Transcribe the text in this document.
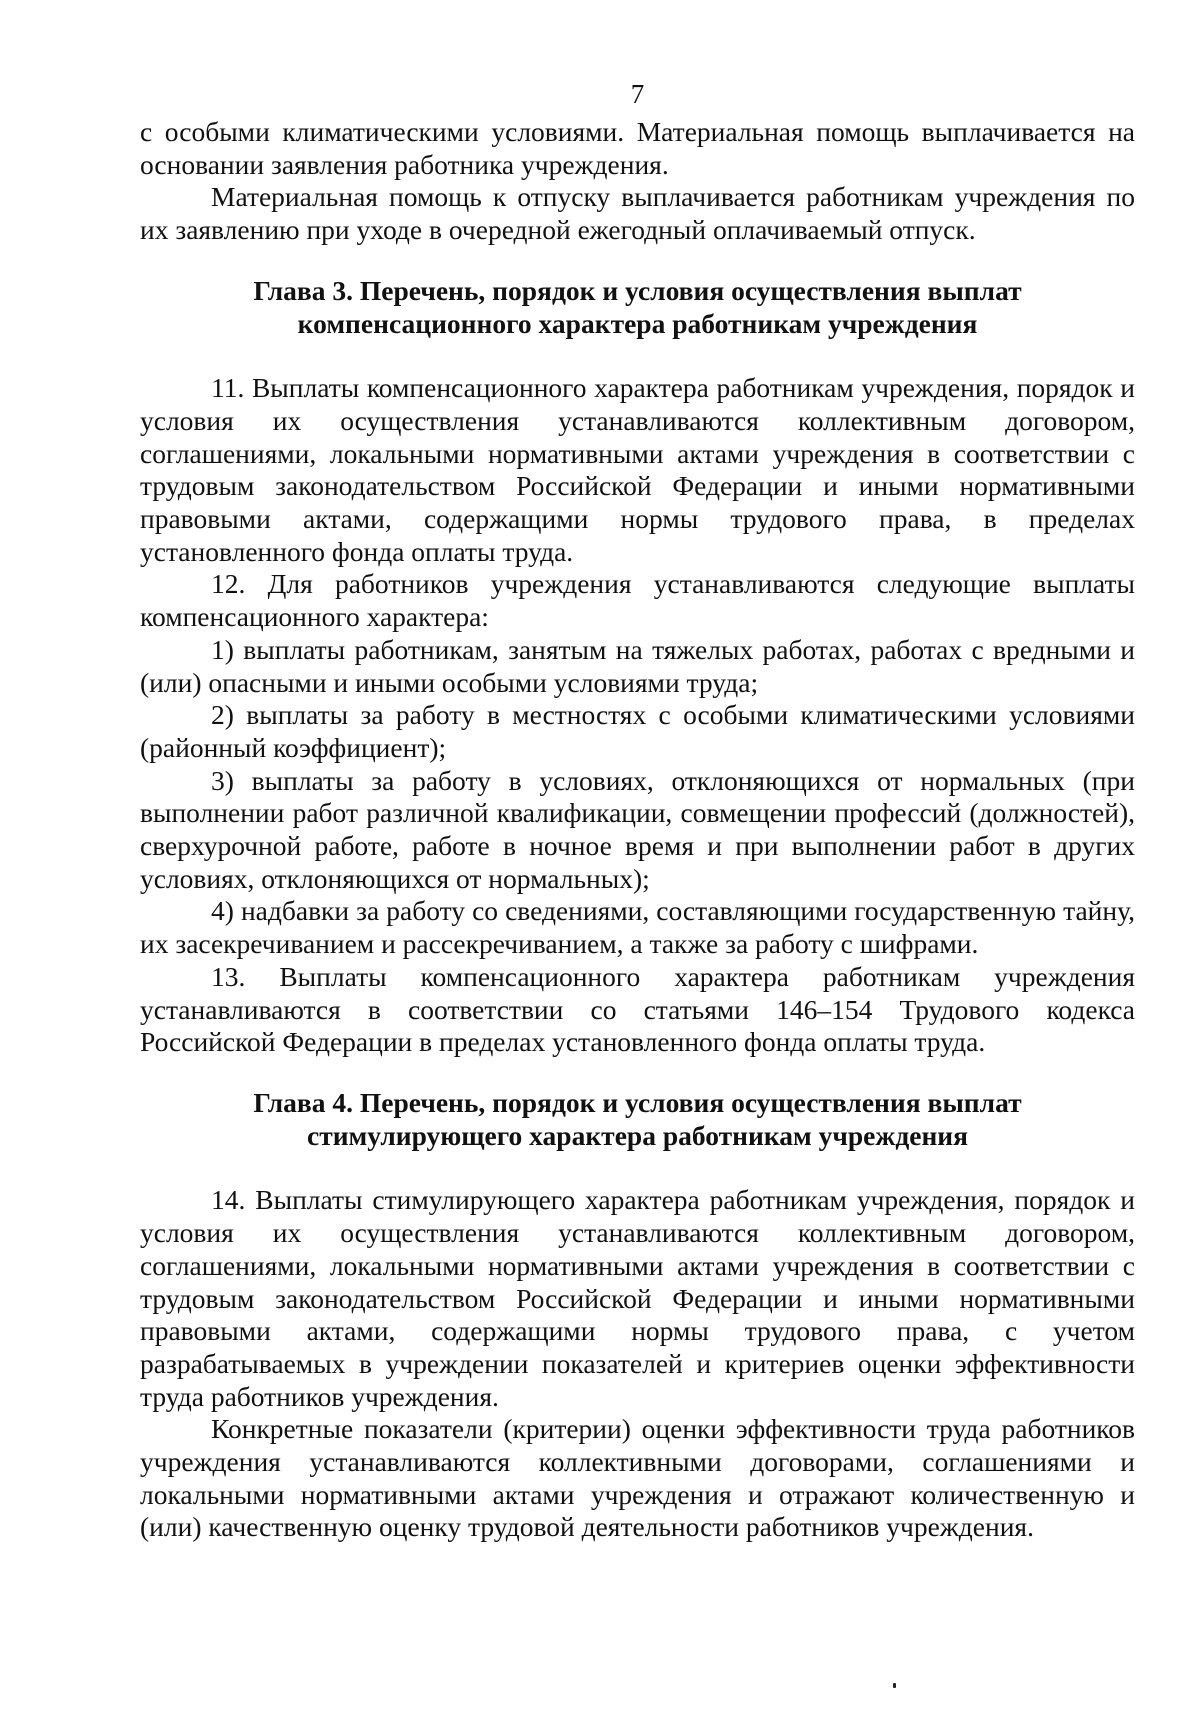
7

с особыми климатическими условиями. Материальная помощь выплачивается на основании заявления работника учреждения.

Материальная помощь к отпуску выплачивается работникам учреждения по их заявлению при уходе в очередной ежегодный оплачиваемый отпуск.

Глава 3. Перечень, порядок и условия осуществления выплат
компенсационного характера работникам учреждения

11. Выплаты компенсационного характера работникам учреждения, порядок и условия их осуществления устанавливаются коллективным договором, соглашениями, локальными нормативными актами учреждения в соответствии с трудовым законодательством Российской Федерации и иными нормативными правовыми актами, содержащими нормы трудового права, в пределах установленного фонда оплаты труда.

12. Для работников учреждения устанавливаются следующие выплаты компенсационного характера:

1) выплаты работникам, занятым на тяжелых работах, работах с вредными и (или) опасными и иными особыми условиями труда;

2) выплаты за работу в местностях с особыми климатическими условиями (районный коэффициент);

3) выплаты за работу в условиях, отклоняющихся от нормальных (при выполнении работ различной квалификации, совмещении профессий (должностей), сверхурочной работе, работе в ночное время и при выполнении работ в других условиях, отклоняющихся от нормальных);

4) надбавки за работу со сведениями, составляющими государственную тайну, их засекречиванием и рассекречиванием, а также за работу с шифрами.

13. Выплаты компенсационного характера работникам учреждения устанавливаются в соответствии со статьями 146–154 Трудового кодекса Российской Федерации в пределах установленного фонда оплаты труда.

Глава 4. Перечень, порядок и условия осуществления выплат
стимулирующего характера работникам учреждения

14. Выплаты стимулирующего характера работникам учреждения, порядок и условия их осуществления устанавливаются коллективным договором, соглашениями, локальными нормативными актами учреждения в соответствии с трудовым законодательством Российской Федерации и иными нормативными правовыми актами, содержащими нормы трудового права, с учетом разрабатываемых в учреждении показателей и критериев оценки эффективности труда работников учреждения.

Конкретные показатели (критерии) оценки эффективности труда работников учреждения устанавливаются коллективными договорами, соглашениями и локальными нормативными актами учреждения и отражают количественную и (или) качественную оценку трудовой деятельности работников учреждения.
